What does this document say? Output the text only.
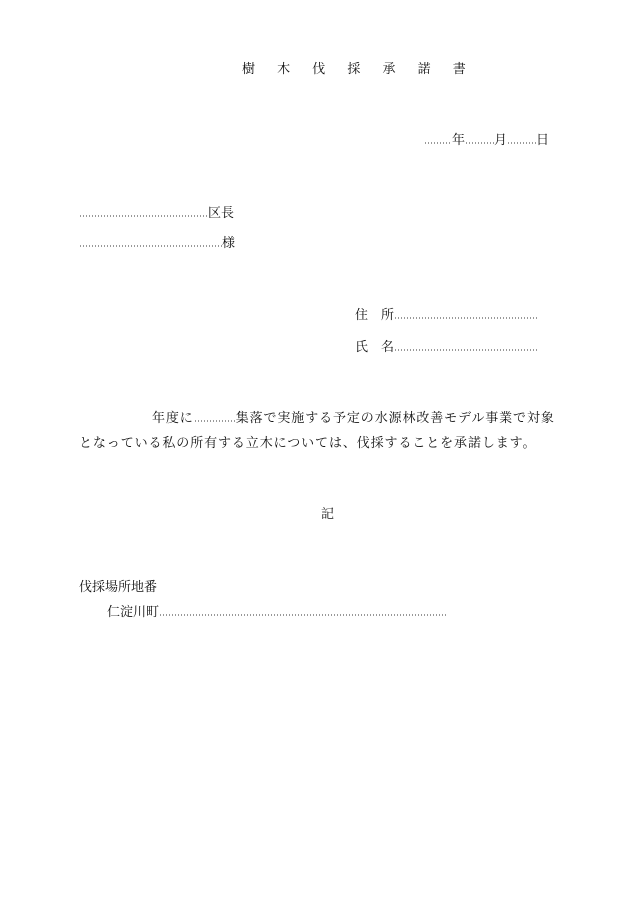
樹 木 伐 採 承 諾 書
年 月 日
区長
様
住　所
氏　名
年度に	集落で実施する予定の水源林改善モデル事業で対象
となっている私の所有する立木については、伐採することを承諾します。
記
伐採場所地番
仁淀川町
